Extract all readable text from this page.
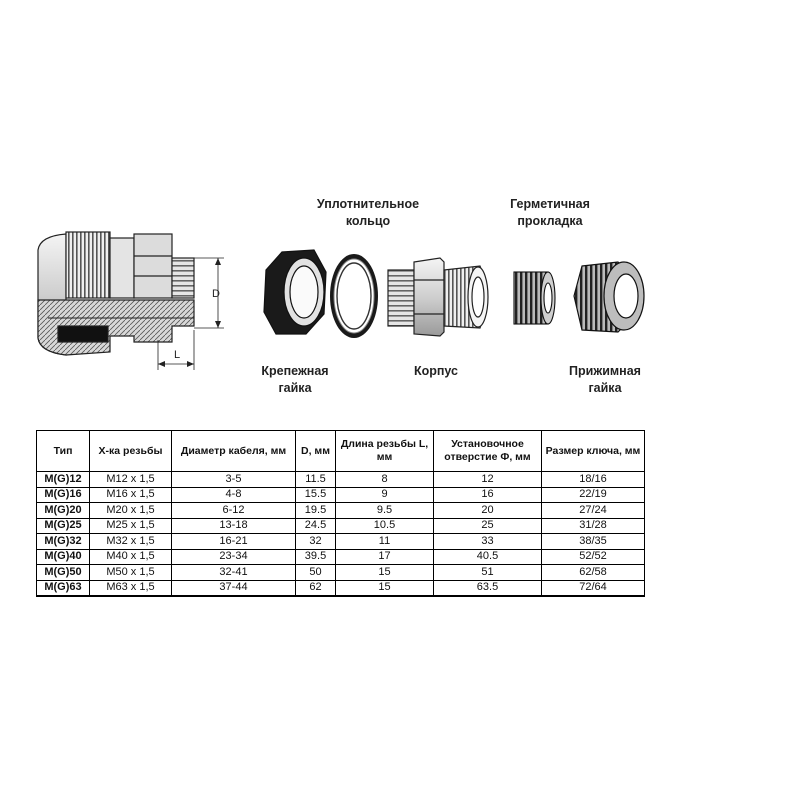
D
L
Уплотнительное
кольцо
Герметичная
прокладка
Крепежная
гайка
Корпус	Прижимная
гайка
Тип	Х-ка резьбы	Диаметр кабеля, мм	D, мм	Длина резьбы L, мм	Установочное отверстие Ф, мм	Размер ключа, мм
M(G)12	M12 x 1,5	3-5	11.5	8	12	18/16
M(G)16	M16 x 1,5	4-8	15.5	9	16	22/19
M(G)20	M20 x 1,5	6-12	19.5	9.5	20	27/24
M(G)25	M25 x 1,5	13-18	24.5	10.5	25	31/28
M(G)32	M32 x 1,5	16-21	32	11	33	38/35
M(G)40	M40 x 1,5	23-34	39.5	17	40.5	52/52
M(G)50	M50 x 1,5	32-41	50	15	51	62/58
M(G)63	M63 x 1,5	37-44	62	15	63.5	72/64
